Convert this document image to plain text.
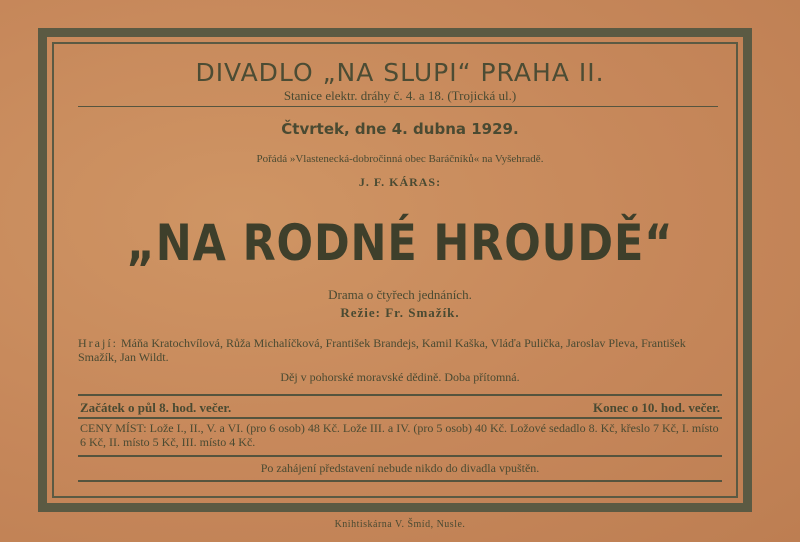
DIVADLO „NA SLUPI“ PRAHA II.
Stanice elektr. dráhy č. 4. a 18. (Trojická ul.)
Čtvrtek, dne 4. dubna 1929.
Pořádá »Vlastenecká-dobročinná obec Baráčníků« na Vyšehradě.
J. F. KÁRAS:
„NA RODNÉ HROUDĚ“
Drama o čtyřech jednáních.
Režie: Fr. Smažík.
Hrají: Máňa Kratochvílová, Růža Michalíčková, František Brandejs, Kamil Kaška, Vláďa Pulička, Jaroslav Pleva, František Smažík, Jan Wildt.
Děj v pohorské moravské dědině. Doba přítomná.
Začátek o půl 8. hod. večer.	Konec o 10. hod. večer.
CENY MÍST: Lože I., II., V. a VI. (pro 6 osob) 48 Kč. Lože III. a IV. (pro 5 osob) 40 Kč. Ložové sedadlo 8. Kč, křeslo 7 Kč, I. místo 6 Kč, II. místo 5 Kč, III. místo 4 Kč.
Po zahájení představení nebude nikdo do divadla vpuštěn.
Knihtiskárna V. Šmíd, Nusle.
